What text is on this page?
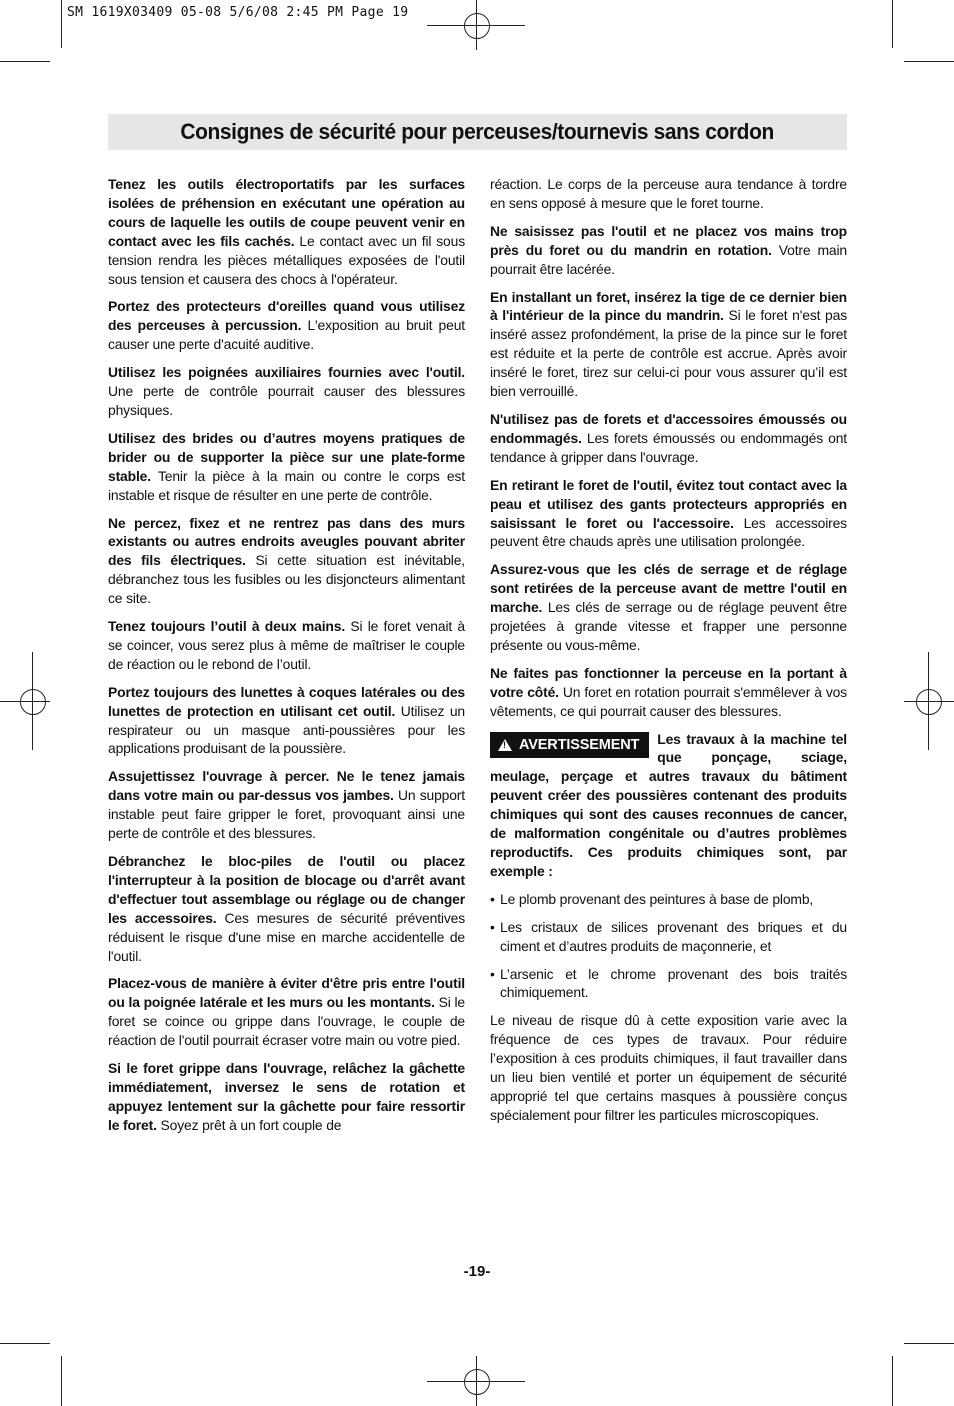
SM 1619X03409 05-08 5/6/08 2:45 PM Page 19
Consignes de sécurité pour perceuses/tournevis sans cordon

Tenez les outils électroportatifs par les surfaces isolées de préhension en exécutant une opération au cours de laquelle les outils de coupe peuvent venir en contact avec les fils cachés. Le contact avec un fil sous tension rendra les pièces métalliques exposées de l'outil sous tension et causera des chocs à l'opérateur.

Portez des protecteurs d'oreilles quand vous utilisez des perceuses à percussion. L'exposition au bruit peut causer une perte d'acuité auditive.

Utilisez les poignées auxiliaires fournies avec l'outil. Une perte de contrôle pourrait causer des blessures physiques.

Utilisez des brides ou d’autres moyens pratiques de brider ou de supporter la pièce sur une plate-forme stable. Tenir la pièce à la main ou contre le corps est instable et risque de résulter en une perte de contrôle.

Ne percez, fixez et ne rentrez pas dans des murs existants ou autres endroits aveugles pouvant abriter des fils électriques. Si cette situation est inévitable, débranchez tous les fusibles ou les disjoncteurs alimentant ce site.

Tenez toujours l’outil à deux mains. Si le foret venait à se coincer, vous serez plus à même de maîtriser le couple de réaction ou le rebond de l’outil.

Portez toujours des lunettes à coques latérales ou des lunettes de protection en utilisant cet outil. Utilisez un respirateur ou un masque anti-poussières pour les applications produisant de la poussière.

Assujettissez l'ouvrage à percer. Ne le tenez jamais dans votre main ou par-dessus vos jambes. Un support instable peut faire gripper le foret, provoquant ainsi une perte de contrôle et des blessures.

Débranchez le bloc-piles de l'outil ou placez l'interrupteur à la position de blocage ou d'arrêt avant d'effectuer tout assemblage ou réglage ou de changer les accessoires. Ces mesures de sécurité préventives réduisent le risque d'une mise en marche accidentelle de l'outil.

Placez-vous de manière à éviter d'être pris entre l'outil ou la poignée latérale et les murs ou les montants. Si le foret se coince ou grippe dans l'ouvrage, le couple de réaction de l'outil pourrait écraser votre main ou votre pied.

Si le foret grippe dans l'ouvrage, relâchez la gâchette immédiatement, inversez le sens de rotation et appuyez lentement sur la gâchette pour faire ressortir le foret. Soyez prêt à un fort couple de

réaction. Le corps de la perceuse aura tendance à tordre en sens opposé à mesure que le foret tourne.

Ne saisissez pas l'outil et ne placez vos mains trop près du foret ou du mandrin en rotation. Votre main pourrait être lacérée.

En installant un foret, insérez la tige de ce dernier bien à l'intérieur de la pince du mandrin. Si le foret n'est pas inséré assez profondément, la prise de la pince sur le foret est réduite et la perte de contrôle est accrue. Après avoir inséré le foret, tirez sur celui-ci pour vous assurer qu’il est bien verrouillé.

N'utilisez pas de forets et d'accessoires émoussés ou endommagés. Les forets émoussés ou endommagés ont tendance à gripper dans l'ouvrage.

En retirant le foret de l'outil, évitez tout contact avec la peau et utilisez des gants protecteurs appropriés en saisissant le foret ou l'accessoire. Les accessoires peuvent être chauds après une utilisation prolongée.

Assurez-vous que les clés de serrage et de réglage sont retirées de la perceuse avant de mettre l'outil en marche. Les clés de serrage ou de réglage peuvent être projetées à grande vitesse et frapper une personne présente ou vous-même.

Ne faites pas fonctionner la perceuse en la portant à votre côté. Un foret en rotation pourrait s'emmêlever à vos vêtements, ce qui pourrait causer des blessures.

! AVERTISSEMENT Les travaux à la machine tel que ponçage, sciage, meulage, perçage et autres travaux du bâtiment peuvent créer des poussières contenant des produits chimiques qui sont des causes reconnues de cancer, de malformation congénitale ou d’autres problèmes reproductifs. Ces produits chimiques sont, par exemple :

• Le plomb provenant des peintures à base de plomb,
• Les cristaux de silices provenant des briques et du ciment et d’autres produits de maçonnerie, et
• L’arsenic et le chrome provenant des bois traités chimiquement.

Le niveau de risque dû à cette exposition varie avec la fréquence de ces types de travaux. Pour réduire l’exposition à ces produits chimiques, il faut travailler dans un lieu bien ventilé et porter un équipement de sécurité approprié tel que certains masques à poussière conçus spécialement pour filtrer les particules microscopiques.

-19-
